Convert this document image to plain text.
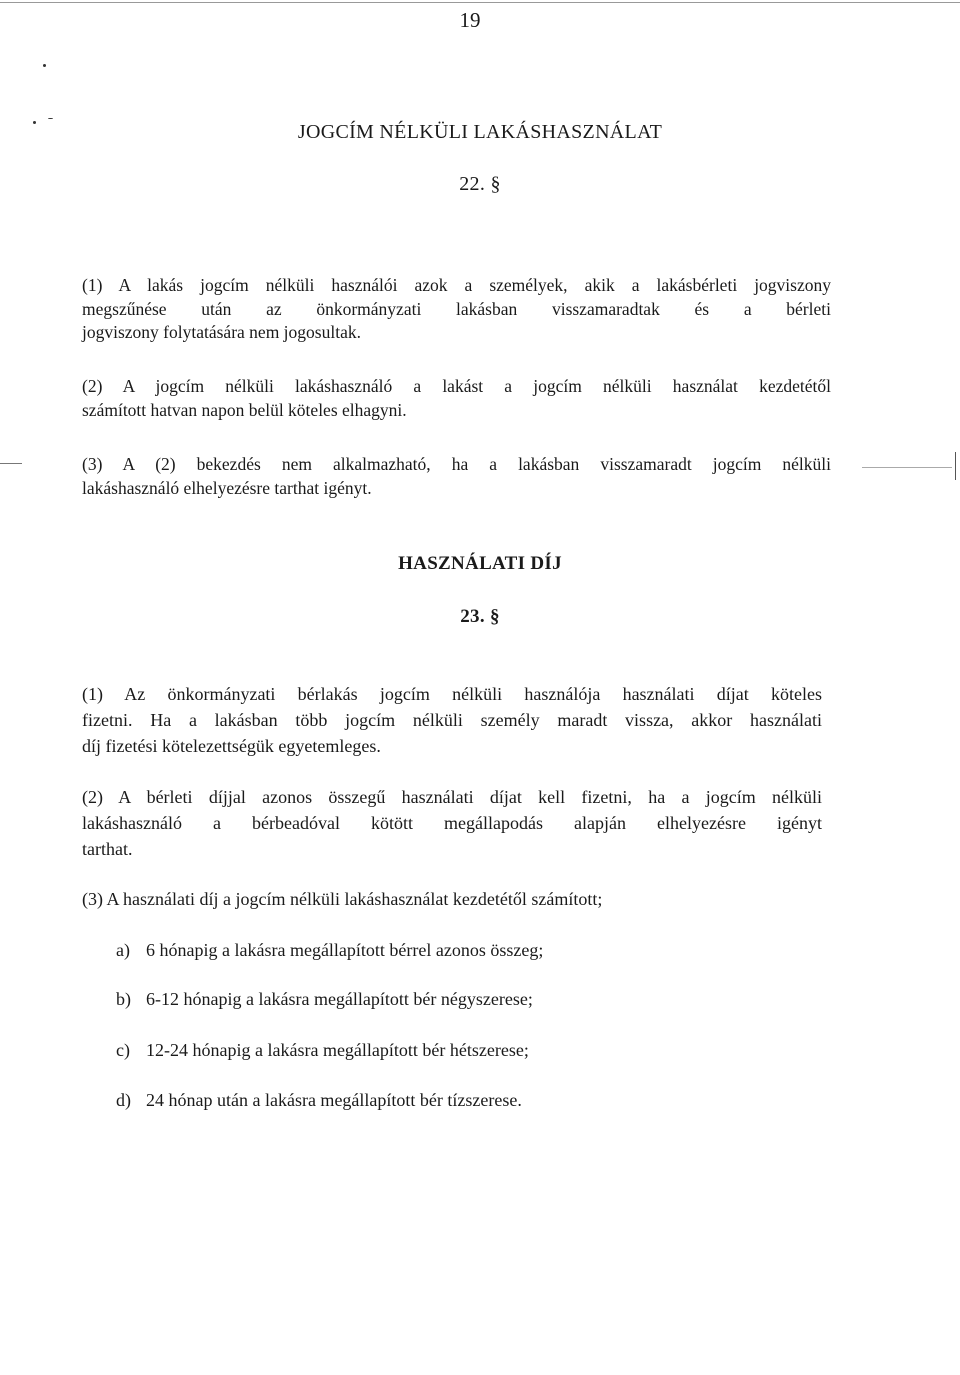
19
JOGCÍM NÉLKÜLI LAKÁSHASZNÁLAT
22. §
(1) A lakás jogcím nélküli használói azok a személyek, akik a lakásbérleti jogviszony
megszűnése után az önkormányzati lakásban visszamaradtak és a bérleti
jogviszony folytatására nem jogosultak.
(2) A jogcím nélküli lakáshasználó a lakást a jogcím nélküli használat kezdetétől
számított hatvan napon belül köteles elhagyni.
(3) A (2) bekezdés nem alkalmazható, ha a lakásban visszamaradt jogcím nélküli
lakáshasználó elhelyezésre tarthat igényt.
HASZNÁLATI DÍJ
23. §
(1) Az önkormányzati bérlakás jogcím nélküli használója használati díjat köteles
fizetni. Ha a lakásban több jogcím nélküli személy maradt vissza, akkor használati
díj fizetési kötelezettségük egyetemleges.
(2) A bérleti díjjal azonos összegű használati díjat kell fizetni, ha a jogcím nélküli
lakáshasználó a bérbeadóval kötött megállapodás alapján elhelyezésre igényt
tarthat.
(3) A használati díj a jogcím nélküli lakáshasználat kezdetétől számított;
a) 6 hónapig a lakásra megállapított bérrel azonos összeg;
b) 6-12 hónapig a lakásra megállapított bér négyszerese;
c) 12-24 hónapig a lakásra megállapított bér hétszerese;
d) 24 hónap után a lakásra megállapított bér tízszerese.
